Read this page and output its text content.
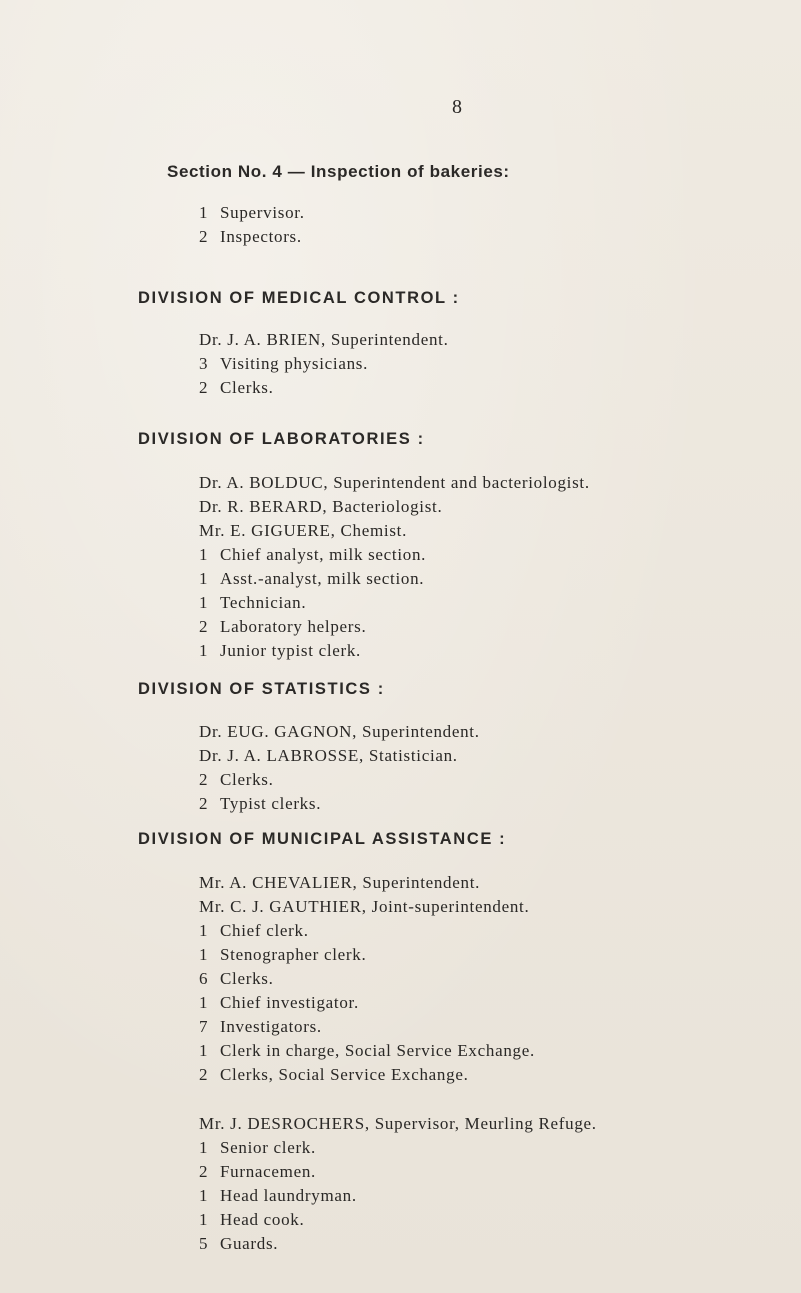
8
Section No. 4 — Inspection of bakeries:
1 Supervisor.
2 Inspectors.
DIVISION OF MEDICAL CONTROL :
Dr. J. A. BRIEN, Superintendent.
3 Visiting physicians.
2 Clerks.
DIVISION OF LABORATORIES :
Dr. A. BOLDUC, Superintendent and bacteriologist.
Dr. R. BERARD, Bacteriologist.
Mr. E. GIGUERE, Chemist.
1 Chief analyst, milk section.
1 Asst.-analyst, milk section.
1 Technician.
2 Laboratory helpers.
1 Junior typist clerk.
DIVISION OF STATISTICS :
Dr. EUG. GAGNON, Superintendent.
Dr. J. A. LABROSSE, Statistician.
2 Clerks.
2 Typist clerks.
DIVISION OF MUNICIPAL ASSISTANCE :
Mr. A. CHEVALIER, Superintendent.
Mr. C. J. GAUTHIER, Joint-superintendent.
1 Chief clerk.
1 Stenographer clerk.
6 Clerks.
1 Chief investigator.
7 Investigators.
1 Clerk in charge, Social Service Exchange.
2 Clerks, Social Service Exchange.
Mr. J. DESROCHERS, Supervisor, Meurling Refuge.
1 Senior clerk.
2 Furnacemen.
1 Head laundryman.
1 Head cook.
5 Guards.
